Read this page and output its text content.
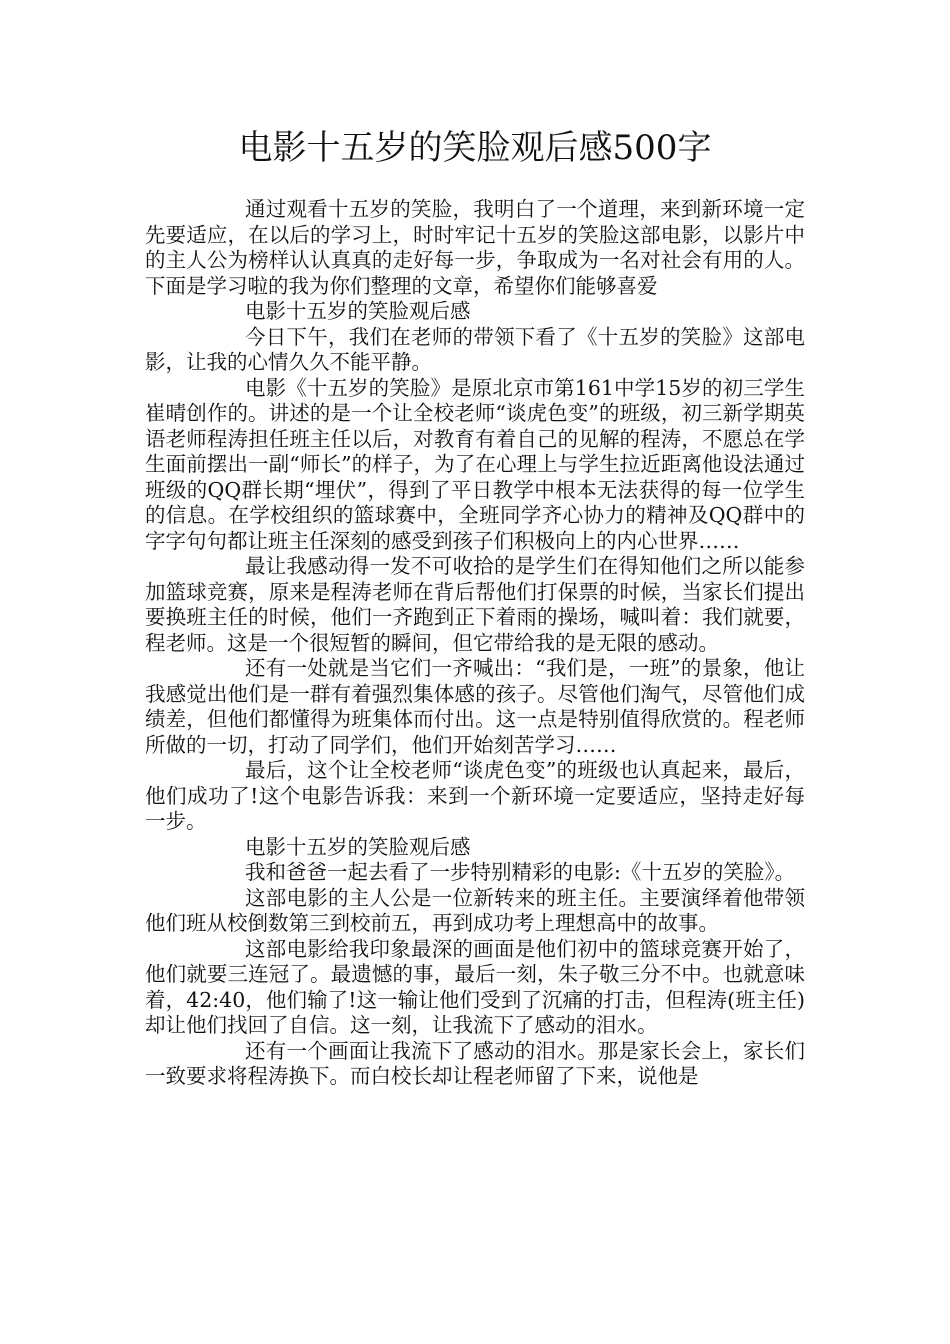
电影十五岁的笑脸观后感500字

通过观看十五岁的笑脸，我明白了一个道理，来到新环境一定先要适应，在以后的学习上，时时牢记十五岁的笑脸这部电影，以影片中的主人公为榜样认认真真的走好每一步，争取成为一名对社会有用的人。下面是学习啦的我为你们整理的文章，希望你们能够喜爱

电影十五岁的笑脸观后感

今日下午，我们在老师的带领下看了《十五岁的笑脸》这部电影，让我的心情久久不能平静。

电影《十五岁的笑脸》是原北京市第161中学15岁的初三学生崔晴创作的。讲述的是一个让全校老师“谈虎色变”的班级，初三新学期英语老师程涛担任班主任以后，对教育有着自己的见解的程涛，不愿总在学生面前摆出一副“师长”的样子，为了在心理上与学生拉近距离他设法通过班级的QQ群长期“埋伏”，得到了平日教学中根本无法获得的每一位学生的信息。在学校组织的篮球赛中，全班同学齐心协力的精神及QQ群中的字字句句都让班主任深刻的感受到孩子们积极向上的内心世界……

最让我感动得一发不可收拾的是学生们在得知他们之所以能参加篮球竞赛，原来是程涛老师在背后帮他们打保票的时候，当家长们提出要换班主任的时候，他们一齐跑到正下着雨的操场，喊叫着：我们就要，程老师。这是一个很短暂的瞬间，但它带给我的是无限的感动。

还有一处就是当它们一齐喊出：“我们是，一班”的景象，他让我感觉出他们是一群有着强烈集体感的孩子。尽管他们淘气，尽管他们成绩差，但他们都懂得为班集体而付出。这一点是特别值得欣赏的。程老师所做的一切，打动了同学们，他们开始刻苦学习……

最后，这个让全校老师“谈虎色变”的班级也认真起来，最后，他们成功了!这个电影告诉我：来到一个新环境一定要适应，坚持走好每一步。

电影十五岁的笑脸观后感

我和爸爸一起去看了一步特别精彩的电影:《十五岁的笑脸》。

这部电影的主人公是一位新转来的班主任。主要演绎着他带领他们班从校倒数第三到校前五，再到成功考上理想高中的故事。

这部电影给我印象最深的画面是他们初中的篮球竞赛开始了，他们就要三连冠了。最遗憾的事，最后一刻，朱子敬三分不中。也就意味着，42:40，他们输了!这一输让他们受到了沉痛的打击，但程涛(班主任)却让他们找回了自信。这一刻，让我流下了感动的泪水。

还有一个画面让我流下了感动的泪水。那是家长会上，家长们一致要求将程涛换下。而白校长却让程老师留了下来，说他是
